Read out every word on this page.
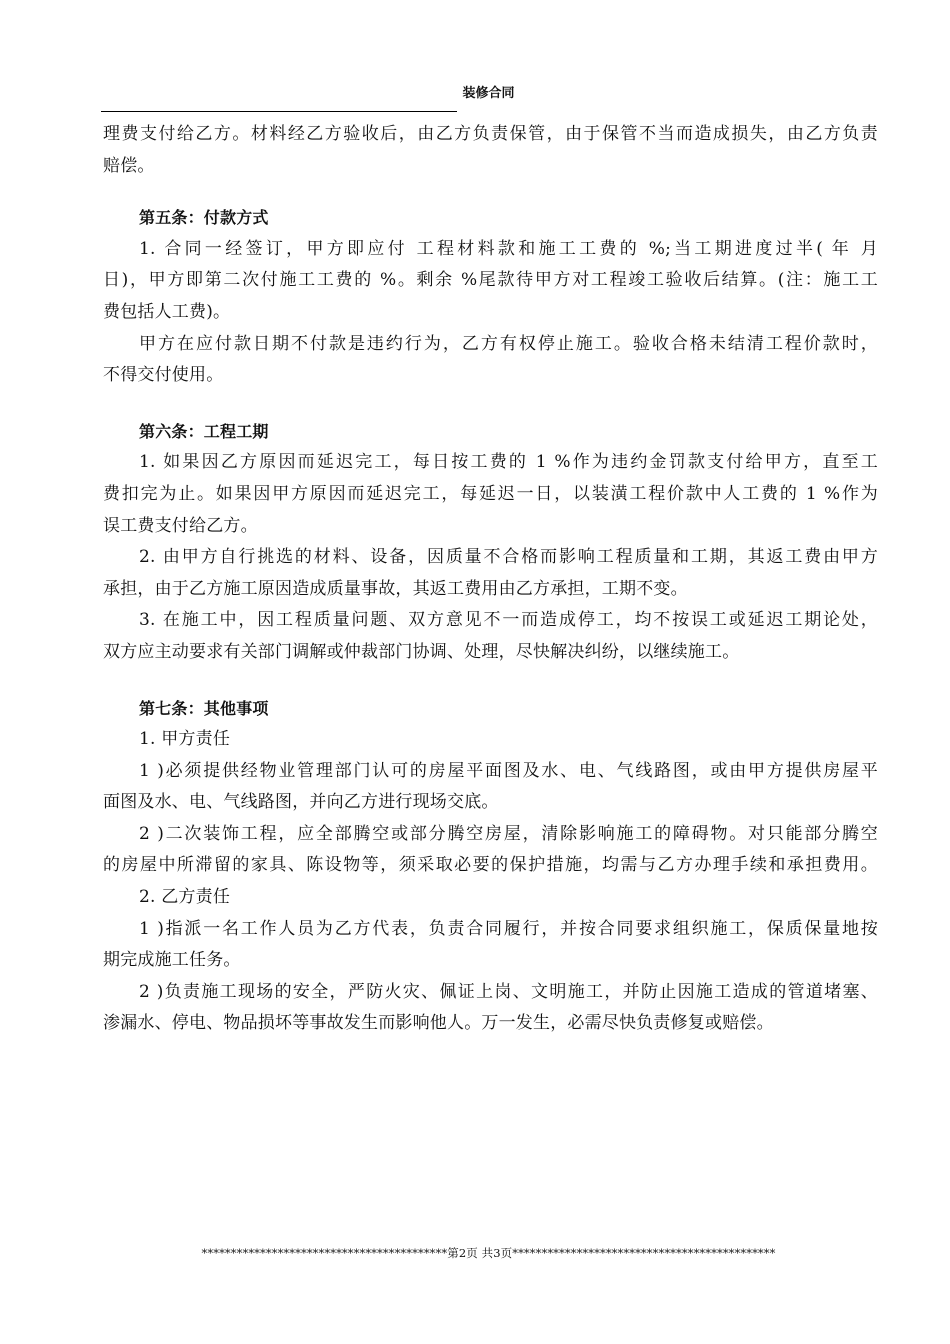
装修合同
理费支付给乙方。材料经乙方验收后，由乙方负责保管，由于保管不当而造成损失，由乙方负责
赔偿。
第五条：付款方式
1. 合同一经签订，甲方即应付 工程材料款和施工工费的 %;当工期进度过半( 年 月
日)，甲方即第二次付施工工费的 %。剩余 %尾款待甲方对工程竣工验收后结算。(注：施工工
费包括人工费)。
甲方在应付款日期不付款是违约行为，乙方有权停止施工。验收合格未结清工程价款时，
不得交付使用。
第六条：工程工期
1. 如果因乙方原因而延迟完工，每日按工费的 1 %作为违约金罚款支付给甲方，直至工
费扣完为止。如果因甲方原因而延迟完工，每延迟一日，以装潢工程价款中人工费的 1 %作为
误工费支付给乙方。
2. 由甲方自行挑选的材料、设备，因质量不合格而影响工程质量和工期，其返工费由甲方
承担，由于乙方施工原因造成质量事故，其返工费用由乙方承担，工期不变。
3. 在施工中，因工程质量问题、双方意见不一而造成停工，均不按误工或延迟工期论处，
双方应主动要求有关部门调解或仲裁部门协调、处理，尽快解决纠纷，以继续施工。
第七条：其他事项
1. 甲方责任
1 )必须提供经物业管理部门认可的房屋平面图及水、电、气线路图，或由甲方提供房屋平
面图及水、电、气线路图，并向乙方进行现场交底。
2 )二次装饰工程，应全部腾空或部分腾空房屋，清除影响施工的障碍物。对只能部分腾空
的房屋中所滞留的家具、陈设物等，须采取必要的保护措施，均需与乙方办理手续和承担费用。
2. 乙方责任
1 )指派一名工作人员为乙方代表，负责合同履行，并按合同要求组织施工，保质保量地按
期完成施工任务。
2 )负责施工现场的安全，严防火灾、佩证上岗、文明施工，并防止因施工造成的管道堵塞、
渗漏水、停电、物品损坏等事故发生而影响他人。万一发生，必需尽快负责修复或赔偿。
******************************************第2页 共3页*********************************************
